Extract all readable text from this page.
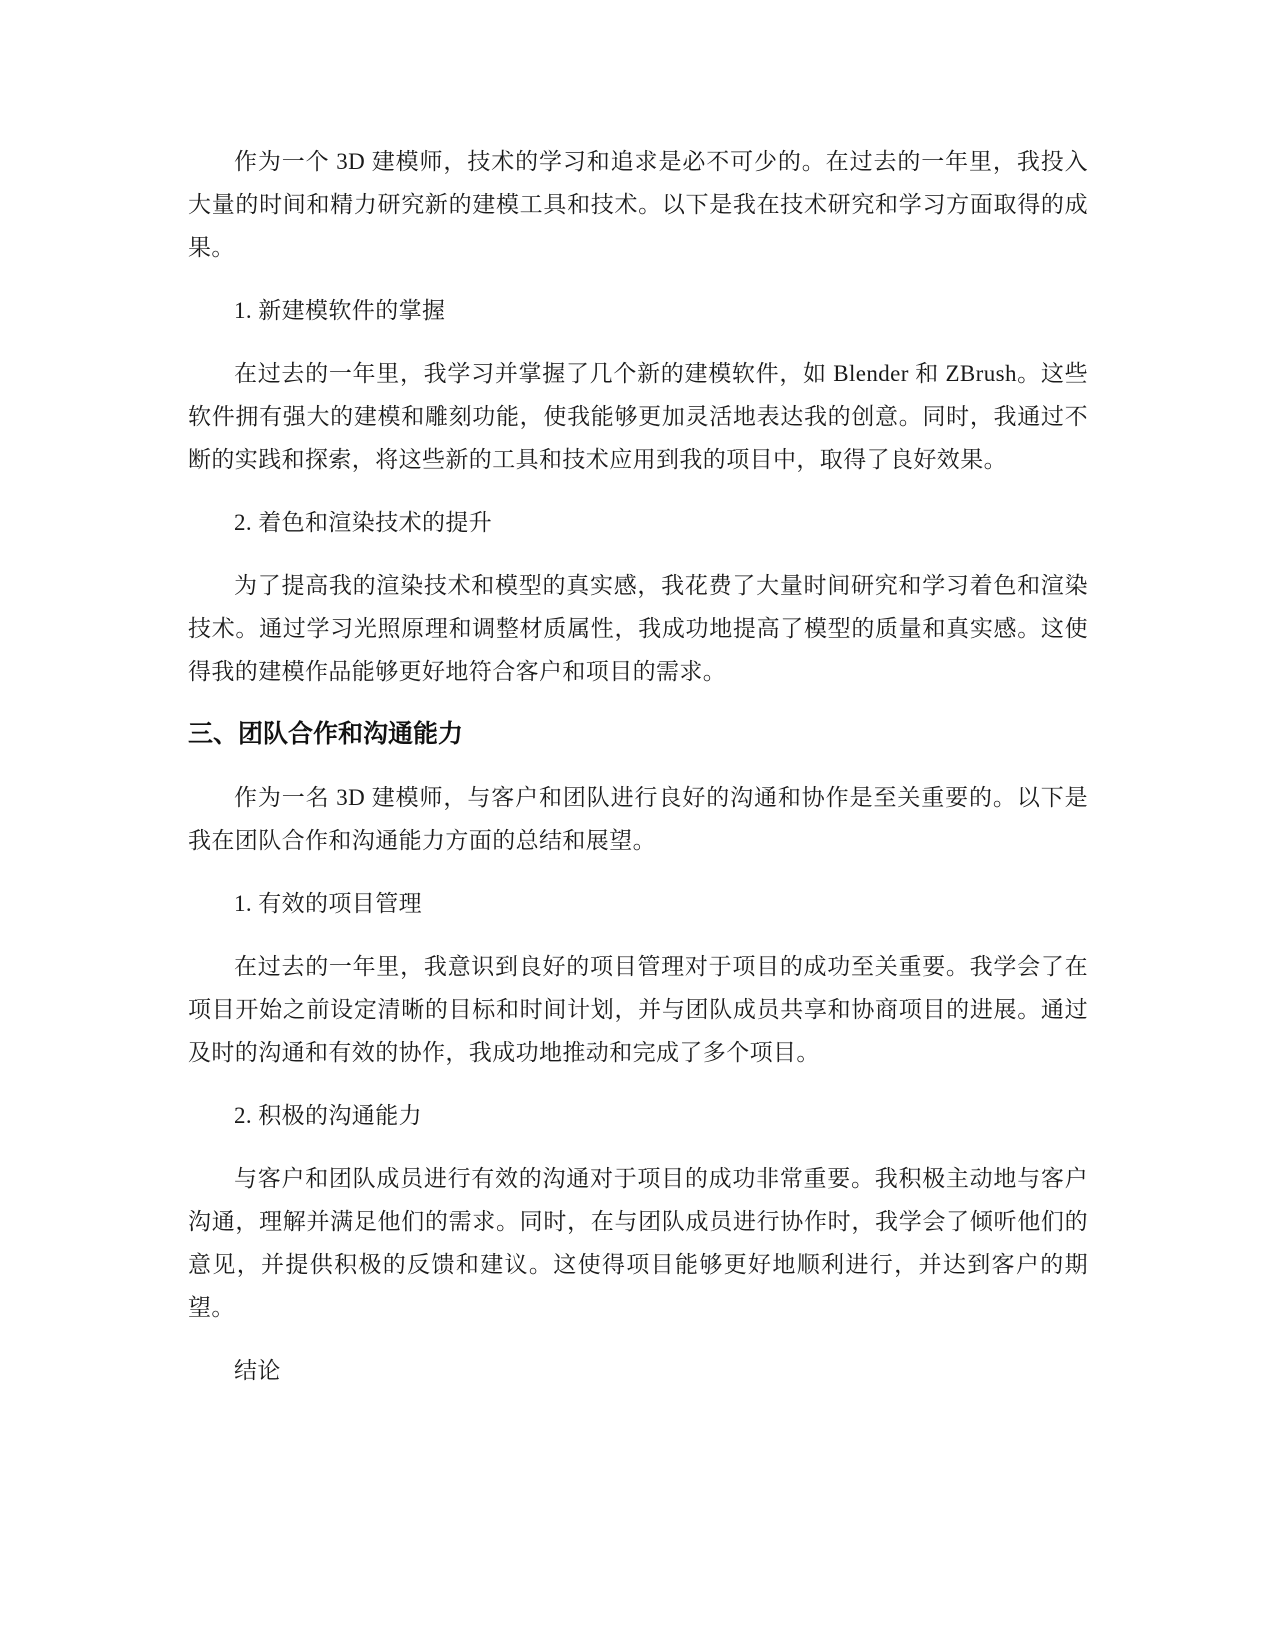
作为一个 3D 建模师，技术的学习和追求是必不可少的。在过去的一年里，我投入大量的时间和精力研究新的建模工具和技术。以下是我在技术研究和学习方面取得的成果。

1. 新建模软件的掌握

在过去的一年里，我学习并掌握了几个新的建模软件，如 Blender 和 ZBrush。这些软件拥有强大的建模和雕刻功能，使我能够更加灵活地表达我的创意。同时，我通过不断的实践和探索，将这些新的工具和技术应用到我的项目中，取得了良好效果。

2. 着色和渲染技术的提升

为了提高我的渲染技术和模型的真实感，我花费了大量时间研究和学习着色和渲染技术。通过学习光照原理和调整材质属性，我成功地提高了模型的质量和真实感。这使得我的建模作品能够更好地符合客户和项目的需求。

三、团队合作和沟通能力

作为一名 3D 建模师，与客户和团队进行良好的沟通和协作是至关重要的。以下是我在团队合作和沟通能力方面的总结和展望。

1. 有效的项目管理

在过去的一年里，我意识到良好的项目管理对于项目的成功至关重要。我学会了在项目开始之前设定清晰的目标和时间计划，并与团队成员共享和协商项目的进展。通过及时的沟通和有效的协作，我成功地推动和完成了多个项目。

2. 积极的沟通能力

与客户和团队成员进行有效的沟通对于项目的成功非常重要。我积极主动地与客户沟通，理解并满足他们的需求。同时，在与团队成员进行协作时，我学会了倾听他们的意见，并提供积极的反馈和建议。这使得项目能够更好地顺利进行，并达到客户的期望。

结论
